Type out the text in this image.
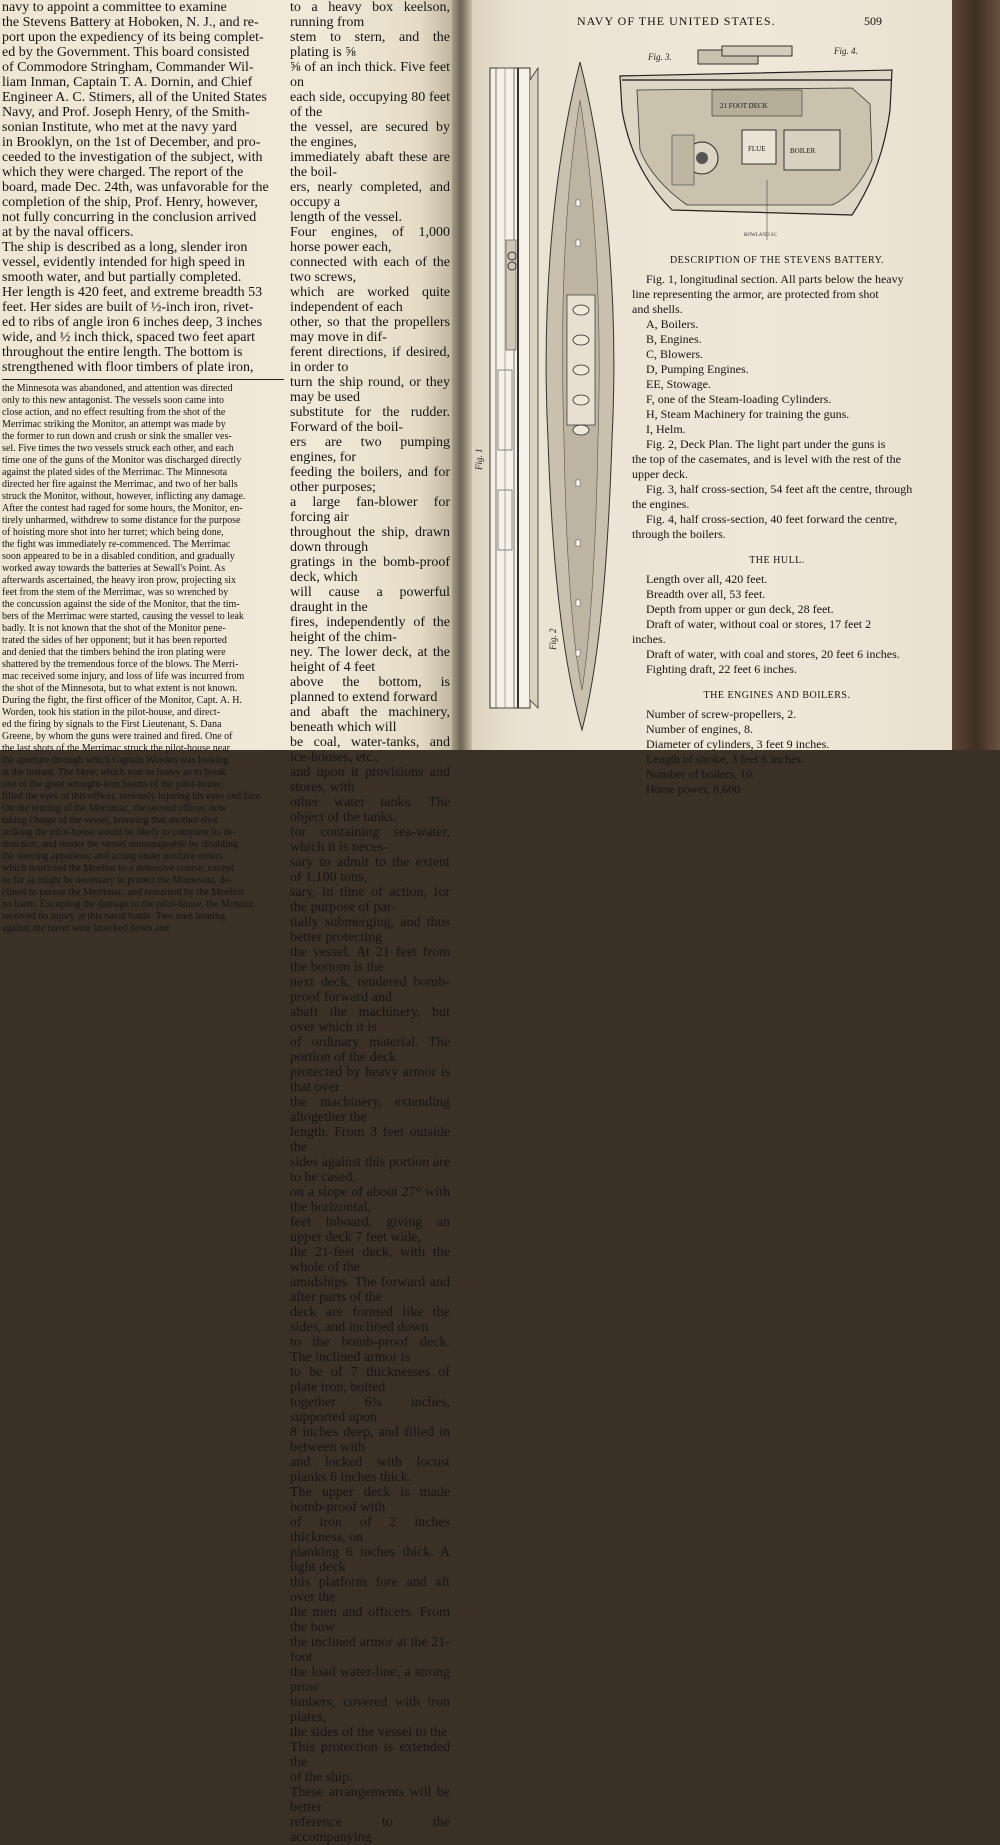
navy to appoint a committee to examine

the Stevens Battery at Hoboken, N. J., and re-

port upon the expediency of its being complet-

ed by the Government. This board consisted

of Commodore Stringham, Commander Wil-

liam Inman, Captain T. A. Dornin, and Chief

Engineer A. C. Stimers, all of the United States

Navy, and Prof. Joseph Henry, of the Smith-

sonian Institute, who met at the navy yard

in Brooklyn, on the 1st of December, and pro-

ceeded to the investigation of the subject, with

which they were charged. The report of the

board, made Dec. 24th, was unfavorable for the

completion of the ship, Prof. Henry, however,

not fully concurring in the conclusion arrived

at by the naval officers.

The ship is described as a long, slender iron

vessel, evidently intended for high speed in

smooth water, and but partially completed.

Her length is 420 feet, and extreme breadth 53

feet. Her sides are built of ½-inch iron, rivet-

ed to ribs of angle iron 6 inches deep, 3 inches

wide, and ½ inch thick, spaced two feet apart

throughout the entire length. The bottom is

strengthened with floor timbers of plate iron,

the Minnesota was abandoned, and attention was directed

only to this new antagonist. The vessels soon came into

close action, and no effect resulting from the shot of the

Merrimac striking the Monitor, an attempt was made by

the former to run down and crush or sink the smaller ves-

sel. Five times the two vessels struck each other, and each

time one of the guns of the Monitor was discharged directly

against the plated sides of the Merrimac. The Minnesota

directed her fire against the Merrimac, and two of her balls

struck the Monitor, without, however, inflicting any damage.

After the contest had raged for some hours, the Monitor, en-

tirely unharmed, withdrew to some distance for the purpose

of hoisting more shot into her turret; which being done,

the fight was immediately re-commenced. The Merrimac

soon appeared to be in a disabled condition, and gradually

worked away towards the batteries at Sewall's Point. As

afterwards ascertained, the heavy iron prow, projecting six

feet from the stem of the Merrimac, was so wrenched by

the concussion against the side of the Monitor, that the tim-

bers of the Merrimac were started, causing the vessel to leak

badly. It is not known that the shot of the Monitor pene-

trated the sides of her opponent; but it has been reported

and denied that the timbers behind the iron plating were

shattered by the tremendous force of the blows. The Merri-

mac received some injury, and loss of life was incurred from

the shot of the Minnesota, but to what extent is not known.

During the fight, the first officer of the Monitor, Capt. A. H.

Worden, took his station in the pilot-house, and direct-

ed the firing by signals to the First Lieutenant, S. Dana

Greene, by whom the guns were trained and fired. One of

the last shots of the Merrimac struck the pilot-house near

the aperture through which Captain Worden was looking

at the instant. The blow, which was so heavy as to break

one of the great wrought-iron beams of the pilot-house,

filled the eyes of this officer, seriously injuring his eyes and face.

On the retiring of the Merrimac, the second officer, now

taking charge of the vessel, knowing that another shot

striking the pilot-house would be likely to complete its de-

struction, and render the vessel unmanageable by disabling

the steering apparatus; and acting under positive orders

which restricted the Monitor to a defensive course, except

so far as might be necessary to protect the Minnesota, de-

clined to pursue the Merrimac, and remained by the Monitor

no harm. Excepting the damage to the pilot-house, the Monitor

received no injury in this naval battle. Two men leaning

against the turret were knocked down and

to a heavy box keelson, running from

stem to stern, and the plating is ⅝

⅝ of an inch thick. Five feet on

each side, occupying 80 feet of the

the vessel, are secured by the engines,

immediately abaft these are the boil-

ers, nearly completed, and occupy a

length of the vessel.

Four engines, of 1,000 horse power each,

connected with each of the two screws,

which are worked quite independent of each

other, so that the propellers may move in dif-

ferent directions, if desired, in order to

turn the ship round, or they may be used

substitute for the rudder. Forward of the boil-

ers are two pumping engines, for

feeding the boilers, and for other purposes;

a large fan-blower for forcing air

throughout the ship, drawn down through

gratings in the bomb-proof deck, which

will cause a powerful draught in the

fires, independently of the height of the chim-

ney. The lower deck, at the height of 4 feet

above the bottom, is planned to extend forward

and abaft the machinery, beneath which will

be coal, water-tanks, and ice-houses, etc.,

and upon it provisions and stores, with

other water tanks. The object of the tanks,

for containing sea-water, which it is neces-

sary to admit to the extent of 1,100 tons,

sary, in time of action, for the purpose of par-

tially submerging, and thus better protecting

the vessel. At 21 feet from the bottom is the

next deck, rendered bomb-proof forward and

abaft the machinery, but over which it is

of ordinary material. The portion of the deck

protected by heavy armor is that over

the machinery, extending altogether the

length. From 3 feet outside the

sides against this portion are to be cased,

on a slope of about 27° with the horizontal,

feet inboard, giving an upper deck 7 feet wide,

the 21-feet deck, with the whole of the

amidships. The forward and after parts of the

deck are formed like the sides, and inclined down

to the bomb-proof deck. The inclined armor is

to be of 7 thicknesses of plate iron, bolted

together 6¾ inches, supported upon

8 inches deep, and filled in between with

and locked with locust planks 6 inches thick.

The upper deck is made bomb-proof with

of iron of 2 inches thickness, on

planking 6 inches thick. A light deck

this platform fore and aft over the

the men and officers. From the bow

the inclined armor at the 21-foot

the load water-line, a strong prow

timbers, covered with iron plates,

the sides of the vessel to the

This protection is extended the

of the ship.

These arrangements will be better

reference to the accompanying

NAVY OF THE UNITED STATES.	509
Fig. 1
Fig. 2
Fig. 3.
Fig. 4.
21 FOOT DECK
FLUE	BOILER
BOWLAND SC
DESCRIPTION OF THE STEVENS BATTERY.

Fig. 1, longitudinal section. All parts below the heavy

line representing the armor, are protected from shot

and shells.

A, Boilers.

B, Engines.

C, Blowers.

D, Pumping Engines.

EE, Stowage.

F, one of the Steam-loading Cylinders.

H, Steam Machinery for training the guns.

I, Helm.

Fig. 2, Deck Plan. The light part under the guns is

the top of the casemates, and is level with the rest of the

upper deck.

Fig. 3, half cross-section, 54 feet aft the centre, through

the engines.

Fig. 4, half cross-section, 40 feet forward the centre,

through the boilers.

THE HULL.

Length over all, 420 feet.

Breadth over all, 53 feet.

Depth from upper or gun deck, 28 feet.

Draft of water, without coal or stores, 17 feet 2

inches.

Draft of water, with coal and stores, 20 feet 6 inches.

Fighting draft, 22 feet 6 inches.

THE ENGINES AND BOILERS.

Number of screw-propellers, 2.

Number of engines, 8.

Diameter of cylinders, 3 feet 9 inches.

Length of stroke, 3 feet 6 inches.

Number of boilers, 10.

Horse power, 8,600.
